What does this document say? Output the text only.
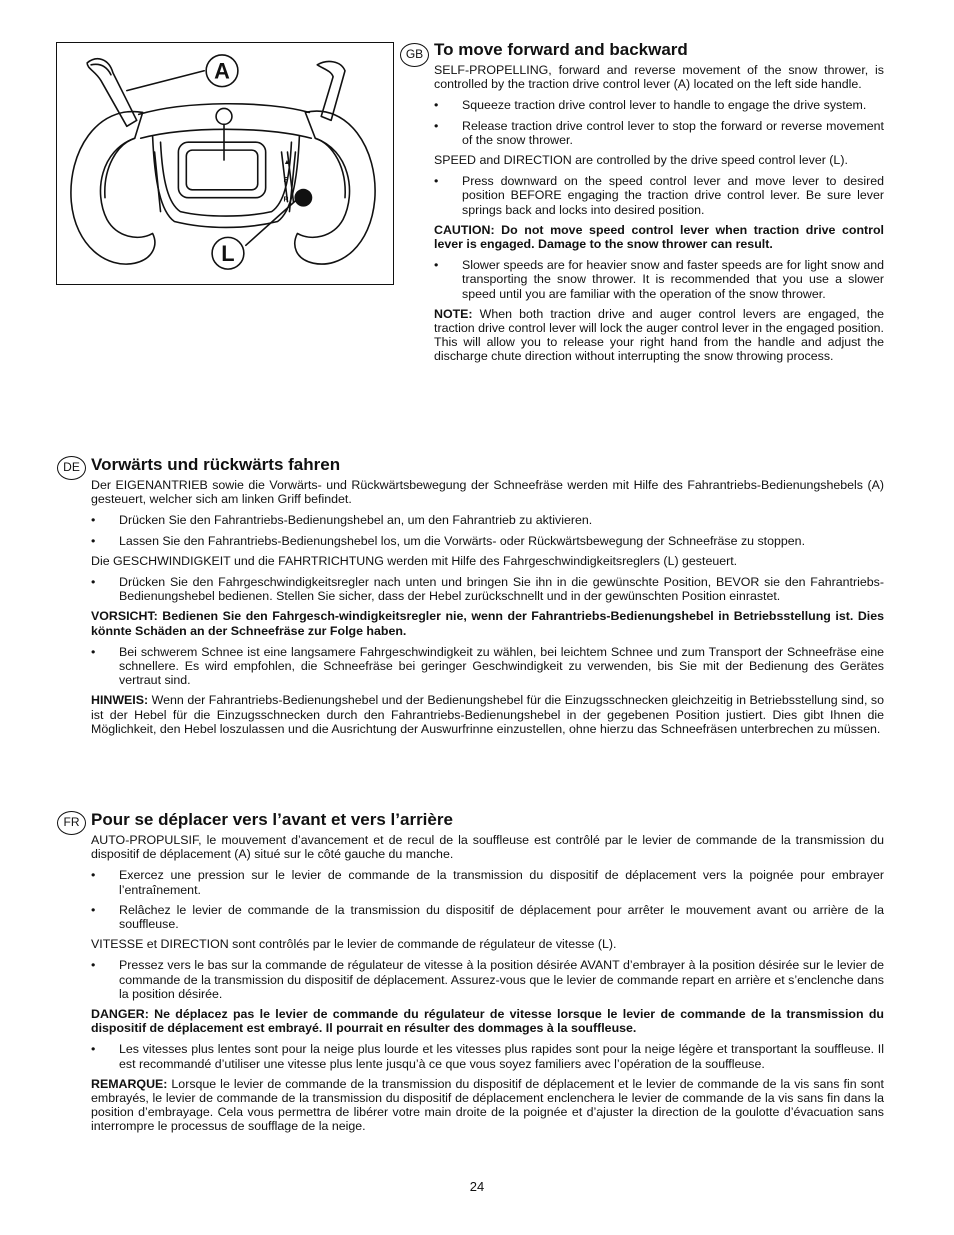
▲
F
R
A
L
GB To move forward and backward

SELF-PROPELLING, forward and reverse movement of the snow thrower, is controlled by the traction drive control lever (A) located on the left side handle.

• Squeeze traction drive control lever to handle to engage the drive system.
• Release traction drive control lever to stop the forward or reverse movement of the snow thrower.

SPEED and DIRECTION are controlled by the drive speed control lever (L).

• Press downward on the speed control lever and move lever to desired position BEFORE engaging the traction drive control lever. Be sure lever springs back and locks into desired position.

CAUTION: Do not move speed control lever when traction drive control lever is engaged. Damage to the snow thrower can result.

• Slower speeds are for heavier snow and faster speeds are for light snow and transporting the snow thrower. It is recommended that you use a slower speed until you are familiar with the operation of the snow thrower.

NOTE: When both traction drive and auger control levers are engaged, the traction drive control lever will lock the auger control lever in the engaged position. This will allow you to release your right hand from the handle and adjust the discharge chute direction without interrupting the snow throwing process.

DE Vorwärts und rückwärts fahren

Der EIGENANTRIEB sowie die Vorwärts- und Rückwärtsbewegung der Schneefräse werden mit Hilfe des Fahrantriebs-Bedienungshebels (A) gesteuert, welcher sich am linken Griff befindet.

• Drücken Sie den Fahrantriebs-Bedienungshebel an, um den Fahrantrieb zu aktivieren.
• Lassen Sie den Fahrantriebs-Bedienungshebel los, um die Vorwärts- oder Rückwärtsbewegung der Schneefräse zu stoppen.

Die GESCHWINDIGKEIT und die FAHRTRICHTUNG werden mit Hilfe des Fahrgeschwindigkeitsreglers (L) gesteuert.

• Drücken Sie den Fahrgeschwindigkeitsregler nach unten und bringen Sie ihn in die gewünschte Position, BEVOR sie den Fahrantriebs-Bedienungshebel bedienen. Stellen Sie sicher, dass der Hebel zurückschnellt und in der gewünschten Position einrastet.

VORSICHT: Bedienen Sie den Fahrgesch-windigkeitsregler nie, wenn der Fahrantriebs-Bedienungshebel in Betriebsstellung ist. Dies könnte Schäden an der Schneefräse zur Folge haben.

• Bei schwerem Schnee ist eine langsamere Fahrgeschwindigkeit zu wählen, bei leichtem Schnee und zum Transport der Schneefräse eine schnellere. Es wird empfohlen, die Schneefräse bei geringer Geschwindigkeit zu verwenden, bis Sie mit der Bedienung des Gerätes vertraut sind.

HINWEIS: Wenn der Fahrantriebs-Bedienungshebel und der Bedienungshebel für die Einzugsschnecken gleichzeitig in Betriebsstellung sind, so ist der Hebel für die Einzugsschnecken durch den Fahrantriebs-Bedienungshebel in der gegebenen Position justiert. Dies gibt Ihnen die Möglichkeit, den Hebel loszulassen und die Ausrichtung der Auswurfrinne einzustellen, ohne hierzu das Schneefräsen unterbrechen zu müssen.

FR Pour se déplacer vers l’avant et vers l’arrière

AUTO-PROPULSIF, le mouvement d’avancement et de recul de la souffleuse est contrôlé par le levier de commande de la transmission du dispositif de déplacement (A) situé sur le côté gauche du manche.

• Exercez une pression sur le levier de commande de la transmission du dispositif de déplacement vers la poignée pour embrayer l’entraînement.
• Relâchez le levier de commande de la transmission du dispositif de déplacement pour arrêter le mouvement avant ou arrière de la souffleuse.

VITESSE et DIRECTION sont contrôlés par le levier de commande de régulateur de vitesse (L).

• Pressez vers le bas sur la commande de régulateur de vitesse à la position désirée AVANT d’embrayer à la position désirée sur le levier de commande de la transmission du dispositif de déplacement. Assurez-vous que le levier de commande repart en arrière et s’enclenche dans la position désirée.

DANGER: Ne déplacez pas le levier de commande du régulateur de vitesse lorsque le levier de commande de la transmission du dispositif de déplacement est embrayé. Il pourrait en résulter des dommages à la souffleuse.

• Les vitesses plus lentes sont pour la neige plus lourde et les vitesses plus rapides sont pour la neige légère et transportant la souffleuse. Il est recommandé d’utiliser une vitesse plus lente jusqu’à ce que vous soyez familiers avec l’opération de la souffleuse.

REMARQUE: Lorsque le levier de commande de la transmission du dispositif de déplacement et le levier de commande de la vis sans fin sont embrayés, le levier de commande de la transmission du dispositif de déplacement enclenchera le levier de commande de la vis sans fin dans la position d’embrayage. Cela vous permettra de libérer votre main droite de la poignée et d’ajuster la direction de la goulotte d’évacuation sans interrompre le processus de soufflage de la neige.

24
